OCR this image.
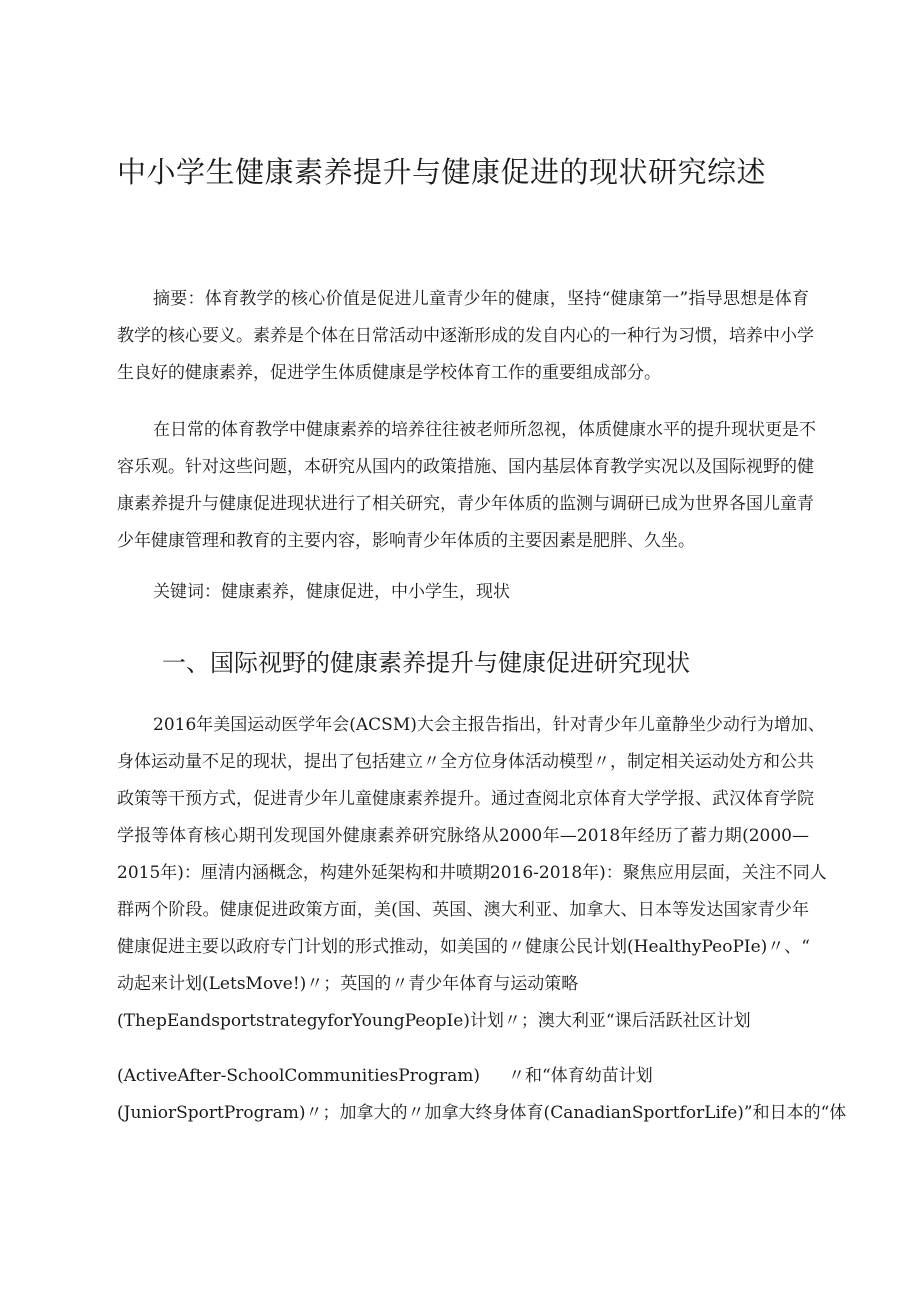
中小学生健康素养提升与健康促进的现状研究综述
摘要：体育教学的核心价值是促进儿童青少年的健康，坚持“健康第一”指导思想是体育
教学的核心要义。素养是个体在日常活动中逐渐形成的发自内心的一种行为习惯，培养中小学
生良好的健康素养，促进学生体质健康是学校体育工作的重要组成部分。
在日常的体育教学中健康素养的培养往往被老师所忽视，体质健康水平的提升现状更是不
容乐观。针对这些问题，本研究从国内的政策措施、国内基层体育教学实况以及国际视野的健
康素养提升与健康促进现状进行了相关研究，青少年体质的监测与调研已成为世界各国儿童青
少年健康管理和教育的主要内容，影响青少年体质的主要因素是肥胖、久坐。
关键词：健康素养，健康促进，中小学生，现状
一、国际视野的健康素养提升与健康促进研究现状
2016年美国运动医学年会(ACSM)大会主报告指出，针对青少年儿童静坐少动行为增加、
身体运动量不足的现状，提出了包括建立〃全方位身体活动模型〃，制定相关运动处方和公共
政策等干预方式，促进青少年儿童健康素养提升。通过查阅北京体育大学学报、武汉体育学院
学报等体育核心期刊发现国外健康素养研究脉络从2000年—2018年经历了蓄力期(2000—
2015年)：厘清内涵概念，构建外延架构和井喷期2016-2018年)：聚焦应用层面，关注不同人
群两个阶段。健康促进政策方面，美(国、英国、澳大利亚、加拿大、日本等发达国家青少年
健康促进主要以政府专门计划的形式推动，如美国的〃健康公民计划(HealthyPeoPIe)〃、“
动起来计划(LetsMove!)〃；英国的〃青少年体育与运动策略
(ThepEandsportstrategyforYoungPeopIe)计划〃；澳大利亚“课后活跃社区计划
(ActiveAfter-SchoolCommunitiesProgram) 〃和“体育幼苗计划
(JuniorSportProgram)〃；加拿大的〃加拿大终身体育(CanadianSportforLife)”和日本的“体
